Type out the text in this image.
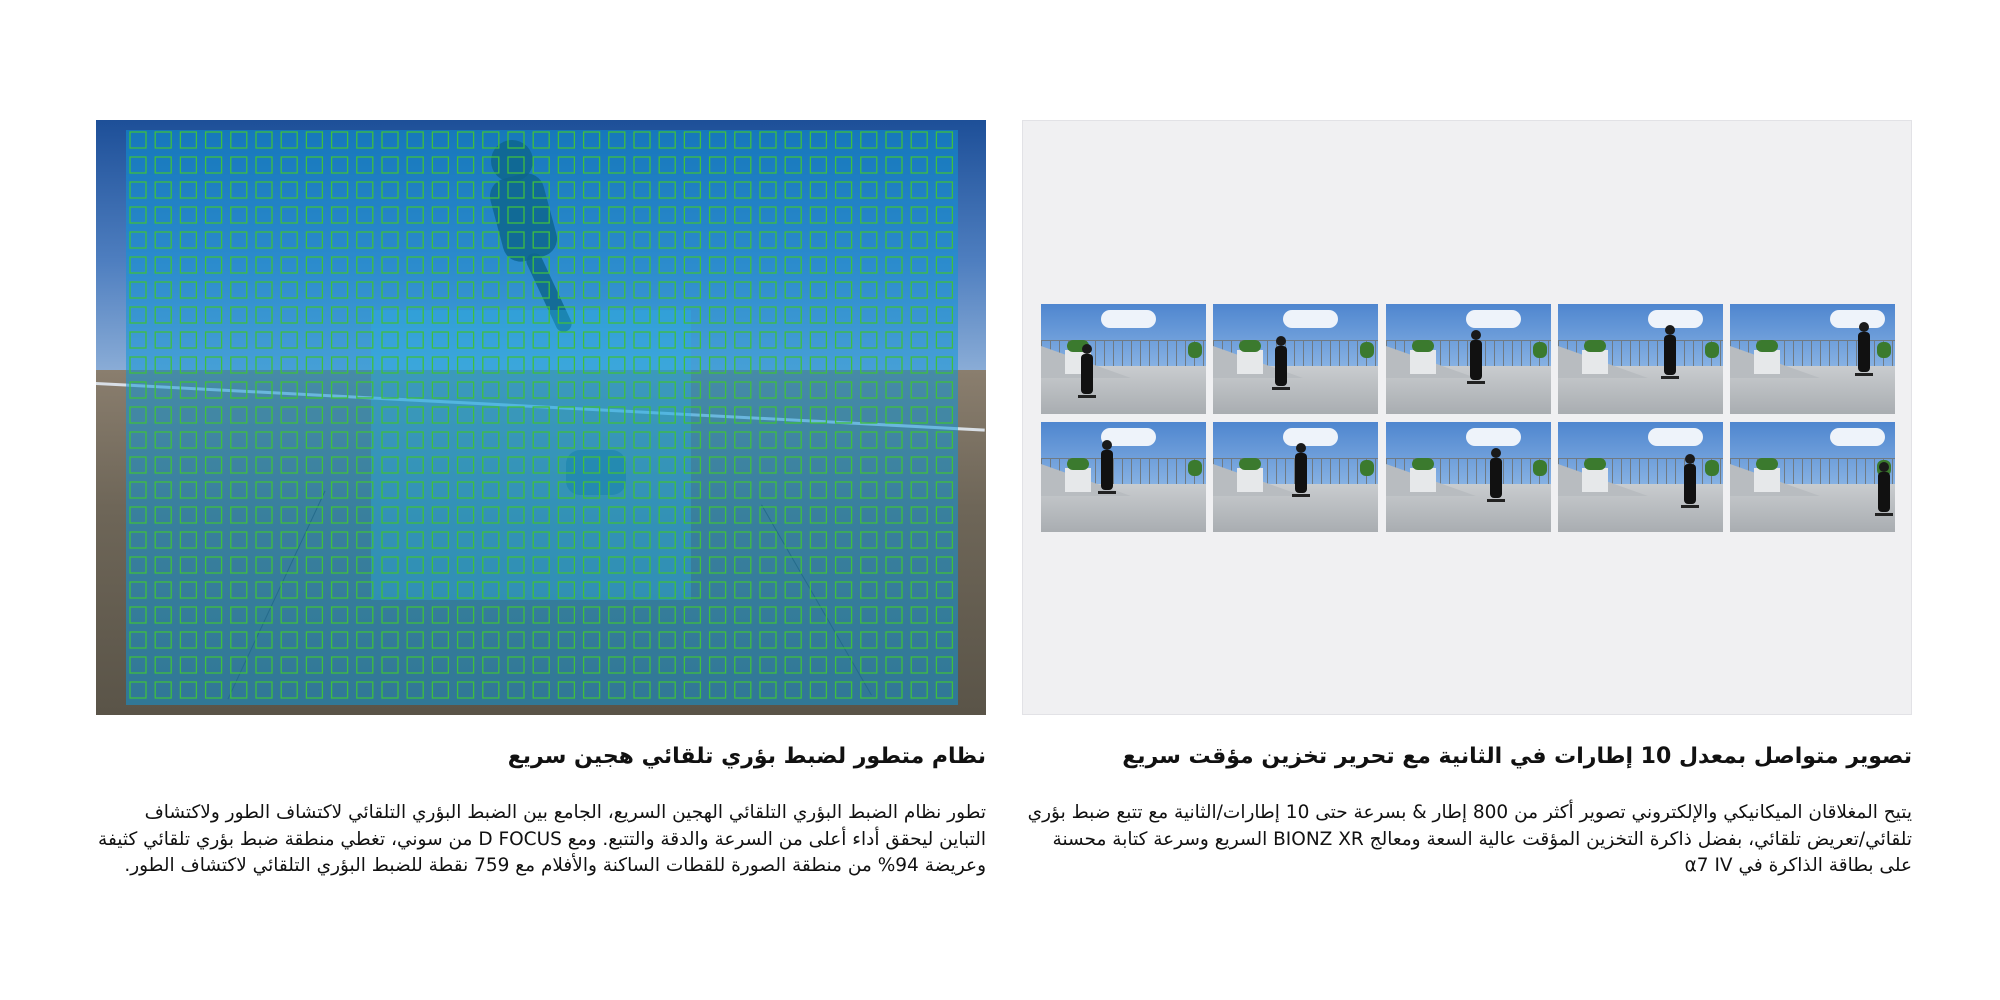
نظام متطور لضبط بؤري تلقائي هجين سريع

تطور نظام الضبط البؤري التلقائي الهجين السريع، الجامع بين الضبط البؤري التلقائي لاكتشاف الطور ولاكتشاف التباين ليحقق أداء أعلى من السرعة والدقة والتتبع. ومع D FOCUS من سوني، تغطي منطقة ضبط بؤري تلقائي كثيفة وعريضة 94% من منطقة الصورة للقطات الساكنة والأفلام مع 759 نقطة للضبط البؤري التلقائي لاكتشاف الطور.

تصوير متواصل بمعدل 10 إطارات في الثانية مع تحرير تخزين مؤقت سريع

يتيح المغلاقان الميكانيكي والإلكتروني تصوير أكثر من 800 إطار & بسرعة حتى 10 إطارات/الثانية مع تتبع ضبط بؤري تلقائي/تعريض تلقائي، بفضل ذاكرة التخزين المؤقت عالية السعة ومعالج BIONZ XR السريع وسرعة كتابة محسنة على بطاقة الذاكرة في α7 IV
